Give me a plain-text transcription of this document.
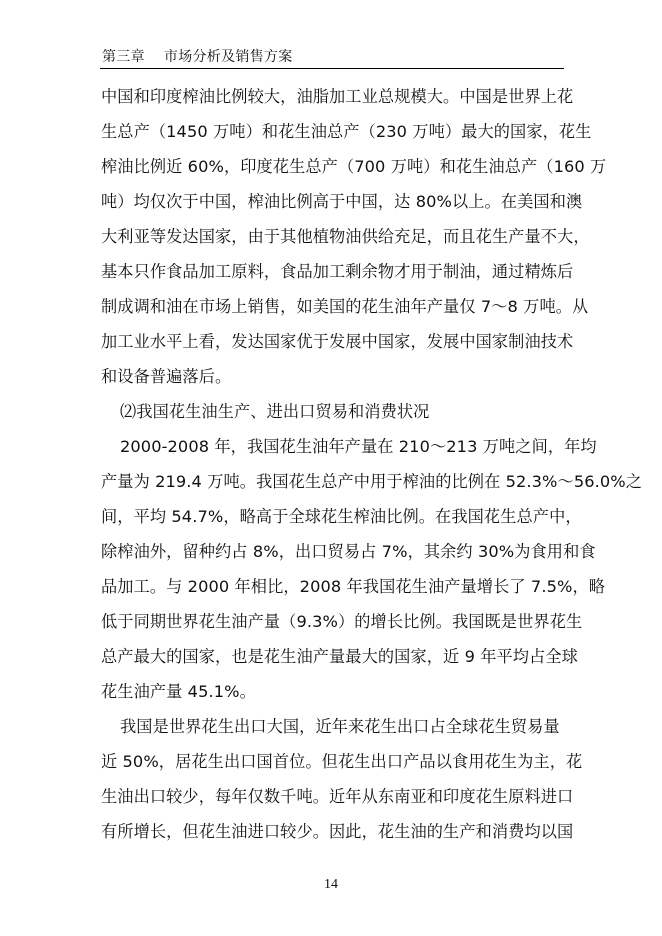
第三章    市场分析及销售方案
中国和印度榨油比例较大，油脂加工业总规模大。中国是世界上花
生总产（1450 万吨）和花生油总产（230 万吨）最大的国家，花生
榨油比例近 60%，印度花生总产（700 万吨）和花生油总产（160 万
吨）均仅次于中国，榨油比例高于中国，达 80%以上。在美国和澳
大利亚等发达国家，由于其他植物油供给充足，而且花生产量不大，
基本只作食品加工原料，食品加工剩余物才用于制油，通过精炼后
制成调和油在市场上销售，如美国的花生油年产量仅 7～8 万吨。从
加工业水平上看，发达国家优于发展中国家，发展中国家制油技术
和设备普遍落后。
⑵我国花生油生产、进出口贸易和消费状况
2000-2008 年，我国花生油年产量在 210～213 万吨之间，年均
产量为 219.4 万吨。我国花生总产中用于榨油的比例在 52.3%～56.0%之
间，平均 54.7%，略高于全球花生榨油比例。在我国花生总产中，
除榨油外，留种约占 8%，出口贸易占 7%，其余约 30%为食用和食
品加工。与 2000 年相比，2008 年我国花生油产量增长了 7.5%，略
低于同期世界花生油产量（9.3%）的增长比例。我国既是世界花生
总产最大的国家，也是花生油产量最大的国家，近 9 年平均占全球
花生油产量 45.1%。
我国是世界花生出口大国，近年来花生出口占全球花生贸易量
近 50%，居花生出口国首位。但花生出口产品以食用花生为主，花
生油出口较少，每年仅数千吨。近年从东南亚和印度花生原料进口
有所增长，但花生油进口较少。因此，花生油的生产和消费均以国
14
